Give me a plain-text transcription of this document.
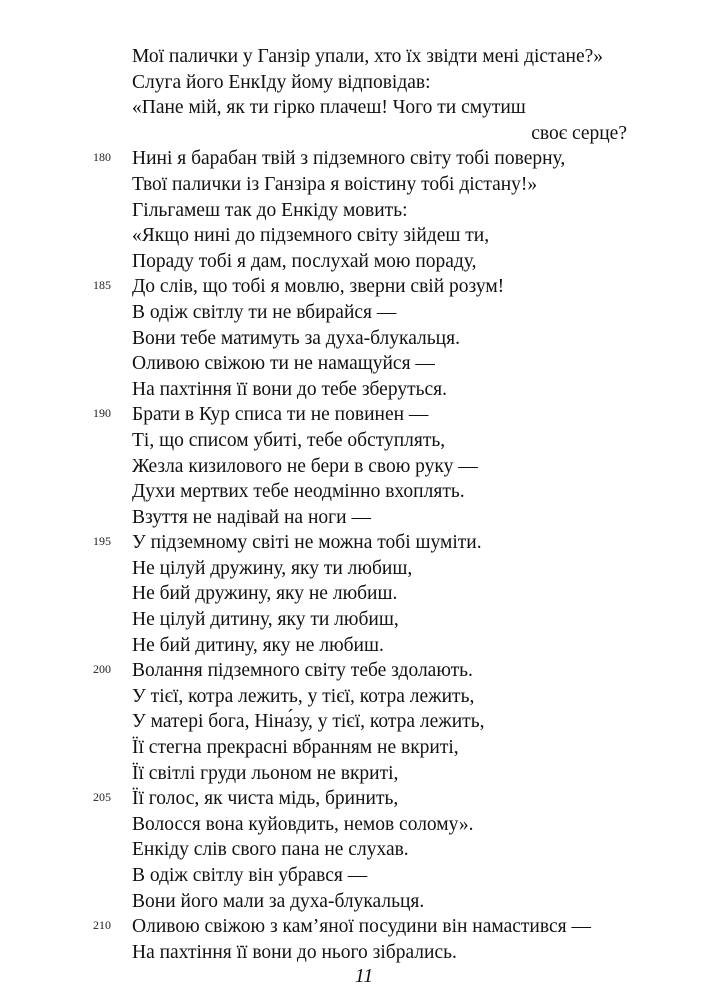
Мої палички у Ганзір упали, хто їх звідти мені дістане?»
Слуга його ЕнкІду йому відповідав:
«Пане мій, як ти гірко плачеш! Чого ти смутиш
своє серце?
180 Нині я барабан твій з підземного світу тобі поверну,
Твої палички із Ганзіра я воістину тобі дістану!»
Гільгамеш так до Енкіду мовить:
«Якщо нині до підземного світу зійдеш ти,
Пораду тобі я дам, послухай мою пораду,
185 До слів, що тобі я мовлю, зверни свій розум!
В одіж світлу ти не вбирайся —
Вони тебе матимуть за духа-блукальця.
Оливою свіжою ти не намащуйся —
На пахтіння її вони до тебе зберуться.
190 Брати в Кур списа ти не повинен —
Ті, що списом убиті, тебе обступлять,
Жезла кизилового не бери в свою руку —
Духи мертвих тебе неодмінно вхоплять.
Взуття не надівай на ноги —
195 У підземному світі не можна тобі шуміти.
Не цілуй дружину, яку ти любиш,
Не бий дружину, яку не любиш.
Не цілуй дитину, яку ти любиш,
Не бий дитину, яку не любиш.
200 Волання підземного світу тебе здолають.
У тієї, котра лежить, у тієї, котра лежить,
У матері бога, Ніна́зу, у тієї, котра лежить,
Її стегна прекрасні вбранням не вкриті,
Її світлі груди льоном не вкриті,
205 Її голос, як чиста мідь, бринить,
Волосся вона куйовдить, немов солому».
Енкіду слів свого пана не слухав.
В одіж світлу він убрався —
Вони його мали за духа-блукальця.
210 Оливою свіжою з кам’яної посудини він намастився —
На пахтіння її вони до нього зібрались.
11
